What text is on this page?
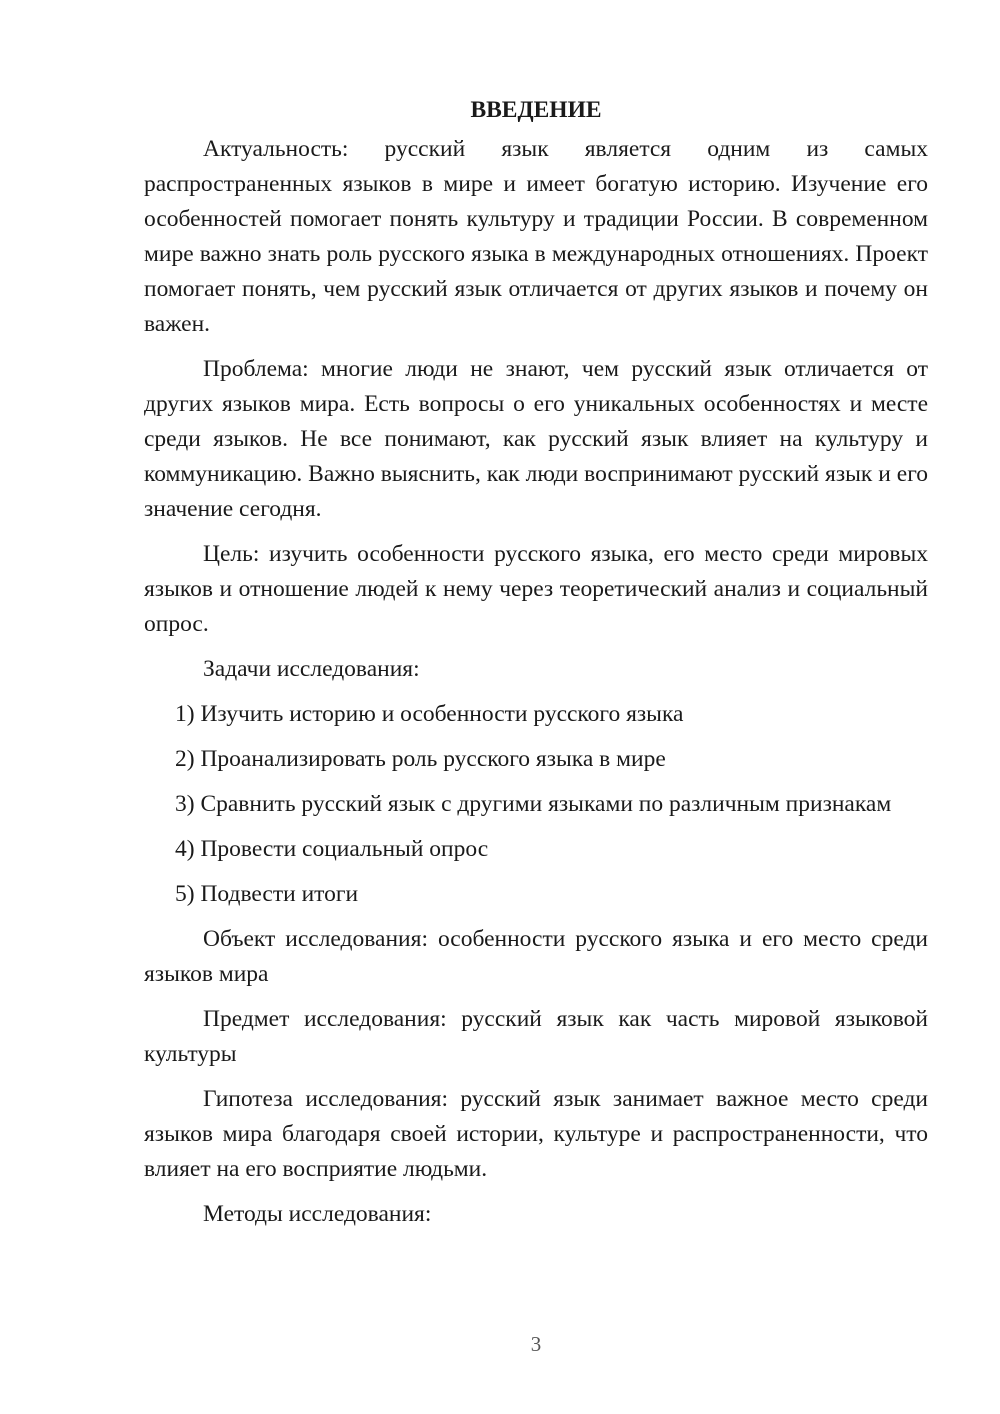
ВВЕДЕНИЕ

Актуальность: русский язык является одним из самых распространенных языков в мире и имеет богатую историю. Изучение его особенностей помогает понять культуру и традиции России. В современном мире важно знать роль русского языка в международных отношениях. Проект помогает понять, чем русский язык отличается от других языков и почему он важен.

Проблема: многие люди не знают, чем русский язык отличается от других языков мира. Есть вопросы о его уникальных особенностях и месте среди языков. Не все понимают, как русский язык влияет на культуру и коммуникацию. Важно выяснить, как люди воспринимают русский язык и его значение сегодня.

Цель: изучить особенности русского языка, его место среди мировых языков и отношение людей к нему через теоретический анализ и социальный опрос.

Задачи исследования:

1) Изучить историю и особенности русского языка

2) Проанализировать роль русского языка в мире

3) Сравнить русский язык с другими языками по различным признакам

4) Провести социальный опрос

5) Подвести итоги

Объект исследования: особенности русского языка и его место среди языков мира

Предмет исследования: русский язык как часть мировой языковой культуры

Гипотеза исследования: русский язык занимает важное место среди языков мира благодаря своей истории, культуре и распространенности, что влияет на его восприятие людьми.

Методы исследования:

3
